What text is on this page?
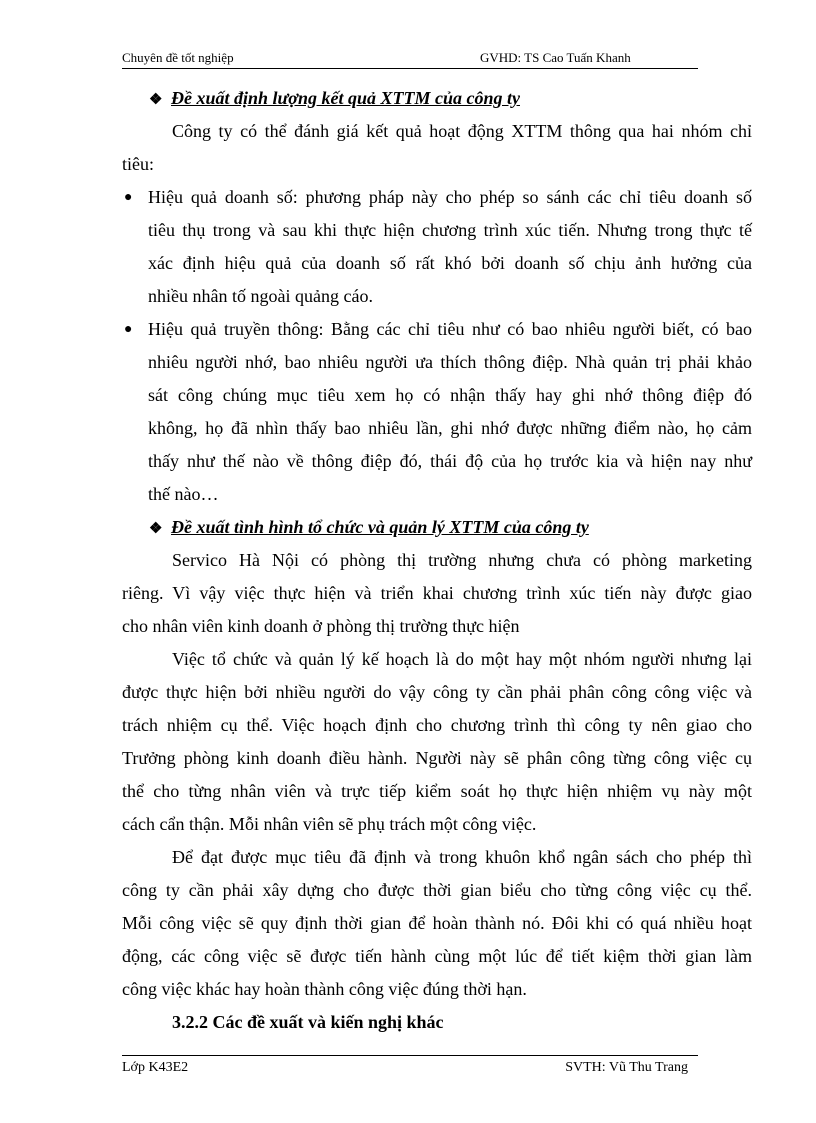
Chuyên đề tốt nghiệp	GVHD: TS Cao Tuấn Khanh
❖ Đề xuất định lượng kết quả XTTM của công ty
Công ty có thể đánh giá kết quả hoạt động XTTM thông qua hai nhóm chỉ
tiêu:
● Hiệu quả doanh số: phương pháp này cho phép so sánh các chỉ tiêu doanh số
tiêu thụ trong và sau khi thực hiện chương trình xúc tiến. Nhưng trong thực tế
xác định hiệu quả của doanh số rất khó bởi doanh số chịu ảnh hưởng của
nhiều nhân tố ngoài quảng cáo.
● Hiệu quả truyền thông: Bằng các chỉ tiêu như có bao nhiêu người biết, có bao
nhiêu người nhớ, bao nhiêu người ưa thích thông điệp. Nhà quản trị phải khảo
sát công chúng mục tiêu xem họ có nhận thấy hay ghi nhớ thông điệp đó
không, họ đã nhìn thấy bao nhiêu lần, ghi nhớ được những điểm nào, họ cảm
thấy như thế nào về thông điệp đó, thái độ của họ trước kia và hiện nay như
thế nào…
❖ Đề xuất tình hình tổ chức và quản lý XTTM của công ty
Servico Hà Nội có phòng thị trường nhưng chưa có phòng marketing
riêng. Vì vậy việc thực hiện và triển khai chương trình xúc tiến này được giao
cho nhân viên kinh doanh ở phòng thị trường thực hiện
Việc tổ chức và quản lý kế hoạch là do một hay một nhóm người nhưng lại
được thực hiện bởi nhiều người do vậy công ty cần phải phân công công việc và
trách nhiệm cụ thể. Việc hoạch định cho chương trình thì công ty nên giao cho
Trưởng phòng kinh doanh điều hành. Người này sẽ phân công từng công việc cụ
thể cho từng nhân viên và trực tiếp kiểm soát họ thực hiện nhiệm vụ này một
cách cẩn thận. Mỗi nhân viên sẽ phụ trách một công việc.
Để đạt được mục tiêu đã định và trong khuôn khổ ngân sách cho phép thì
công ty cần phải xây dựng cho được thời gian biểu cho từng công việc cụ thể.
Mỗi công việc sẽ quy định thời gian để hoàn thành nó. Đôi khi có quá nhiều hoạt
động, các công việc sẽ được tiến hành cùng một lúc để tiết kiệm thời gian làm
công việc khác hay hoàn thành công việc đúng thời hạn.
3.2.2 Các đề xuất và kiến nghị khác
Lớp K43E2	SVTH: Vũ Thu Trang
